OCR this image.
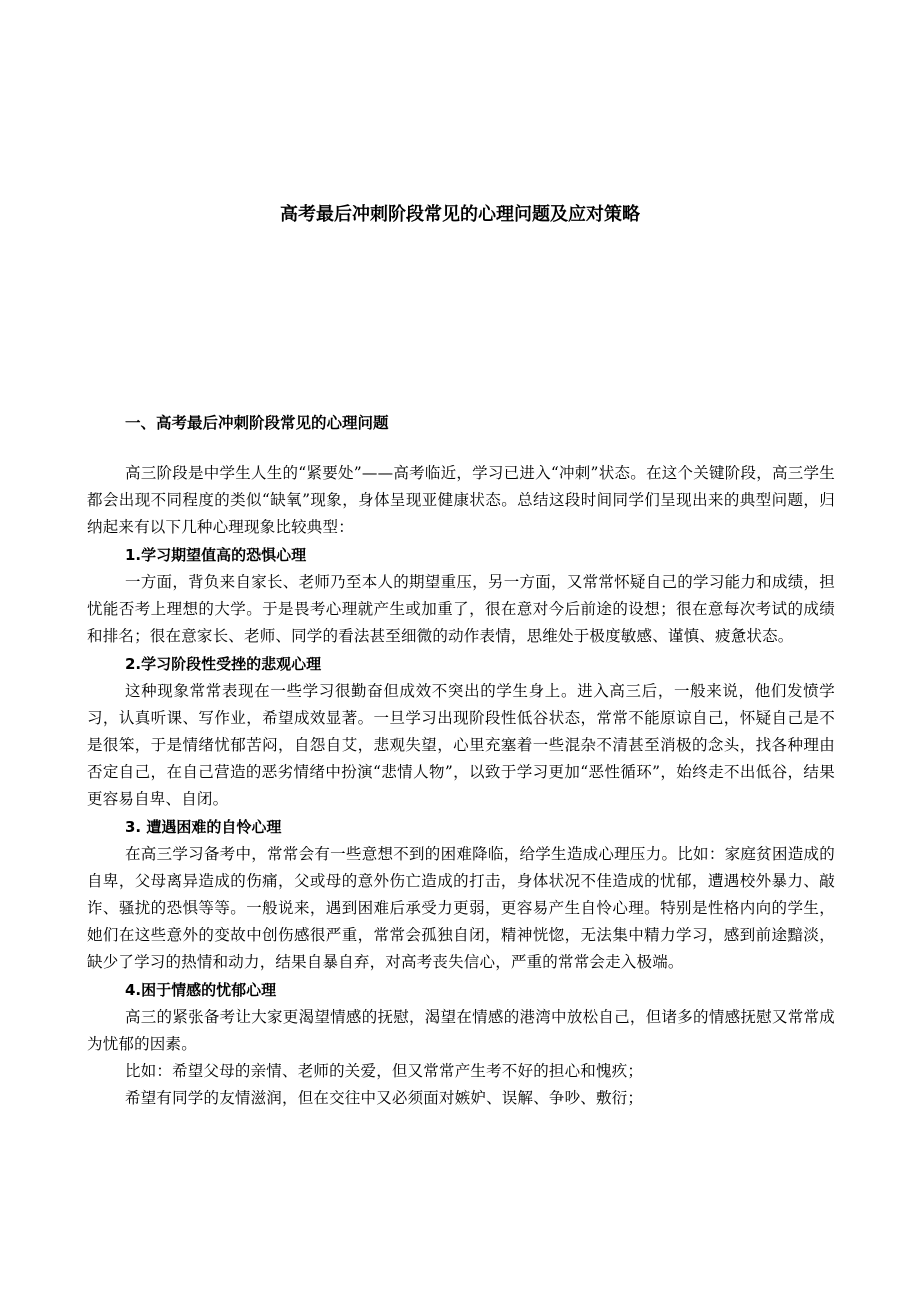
高考最后冲刺阶段常见的心理问题及应对策略
一、高考最后冲刺阶段常见的心理问题

高三阶段是中学生人生的“紧要处”——高考临近，学习已进入“冲刺”状态。在这个关键阶段，高三学生都会出现不同程度的类似“缺氧”现象，身体呈现亚健康状态。总结这段时间同学们呈现出来的典型问题，归纳起来有以下几种心理现象比较典型：

1.学习期望值高的恐惧心理

一方面，背负来自家长、老师乃至本人的期望重压，另一方面，又常常怀疑自己的学习能力和成绩，担忧能否考上理想的大学。于是畏考心理就产生或加重了，很在意对今后前途的设想；很在意每次考试的成绩和排名；很在意家长、老师、同学的看法甚至细微的动作表情，思维处于极度敏感、谨慎、疲惫状态。

2.学习阶段性受挫的悲观心理

这种现象常常表现在一些学习很勤奋但成效不突出的学生身上。进入高三后，一般来说，他们发愤学习，认真听课、写作业，希望成效显著。一旦学习出现阶段性低谷状态，常常不能原谅自己，怀疑自己是不是很笨，于是情绪忧郁苦闷，自怨自艾，悲观失望，心里充塞着一些混杂不清甚至消极的念头，找各种理由否定自己，在自己营造的恶劣情绪中扮演“悲情人物”，以致于学习更加“恶性循环”，始终走不出低谷，结果更容易自卑、自闭。

3. 遭遇困难的自怜心理

在高三学习备考中，常常会有一些意想不到的困难降临，给学生造成心理压力。比如：家庭贫困造成的自卑，父母离异造成的伤痛，父或母的意外伤亡造成的打击，身体状况不佳造成的忧郁，遭遇校外暴力、敲诈、骚扰的恐惧等等。一般说来，遇到困难后承受力更弱，更容易产生自怜心理。特别是性格内向的学生，她们在这些意外的变故中创伤感很严重，常常会孤独自闭，精神恍惚，无法集中精力学习，感到前途黯淡，缺少了学习的热情和动力，结果自暴自弃，对高考丧失信心，严重的常常会走入极端。

4.困于情感的忧郁心理

高三的紧张备考让大家更渴望情感的抚慰，渴望在情感的港湾中放松自己，但诸多的情感抚慰又常常成为忧郁的因素。

比如：希望父母的亲情、老师的关爱，但又常常产生考不好的担心和愧疚；

希望有同学的友情滋润，但在交往中又必须面对嫉妒、误解、争吵、敷衍；
